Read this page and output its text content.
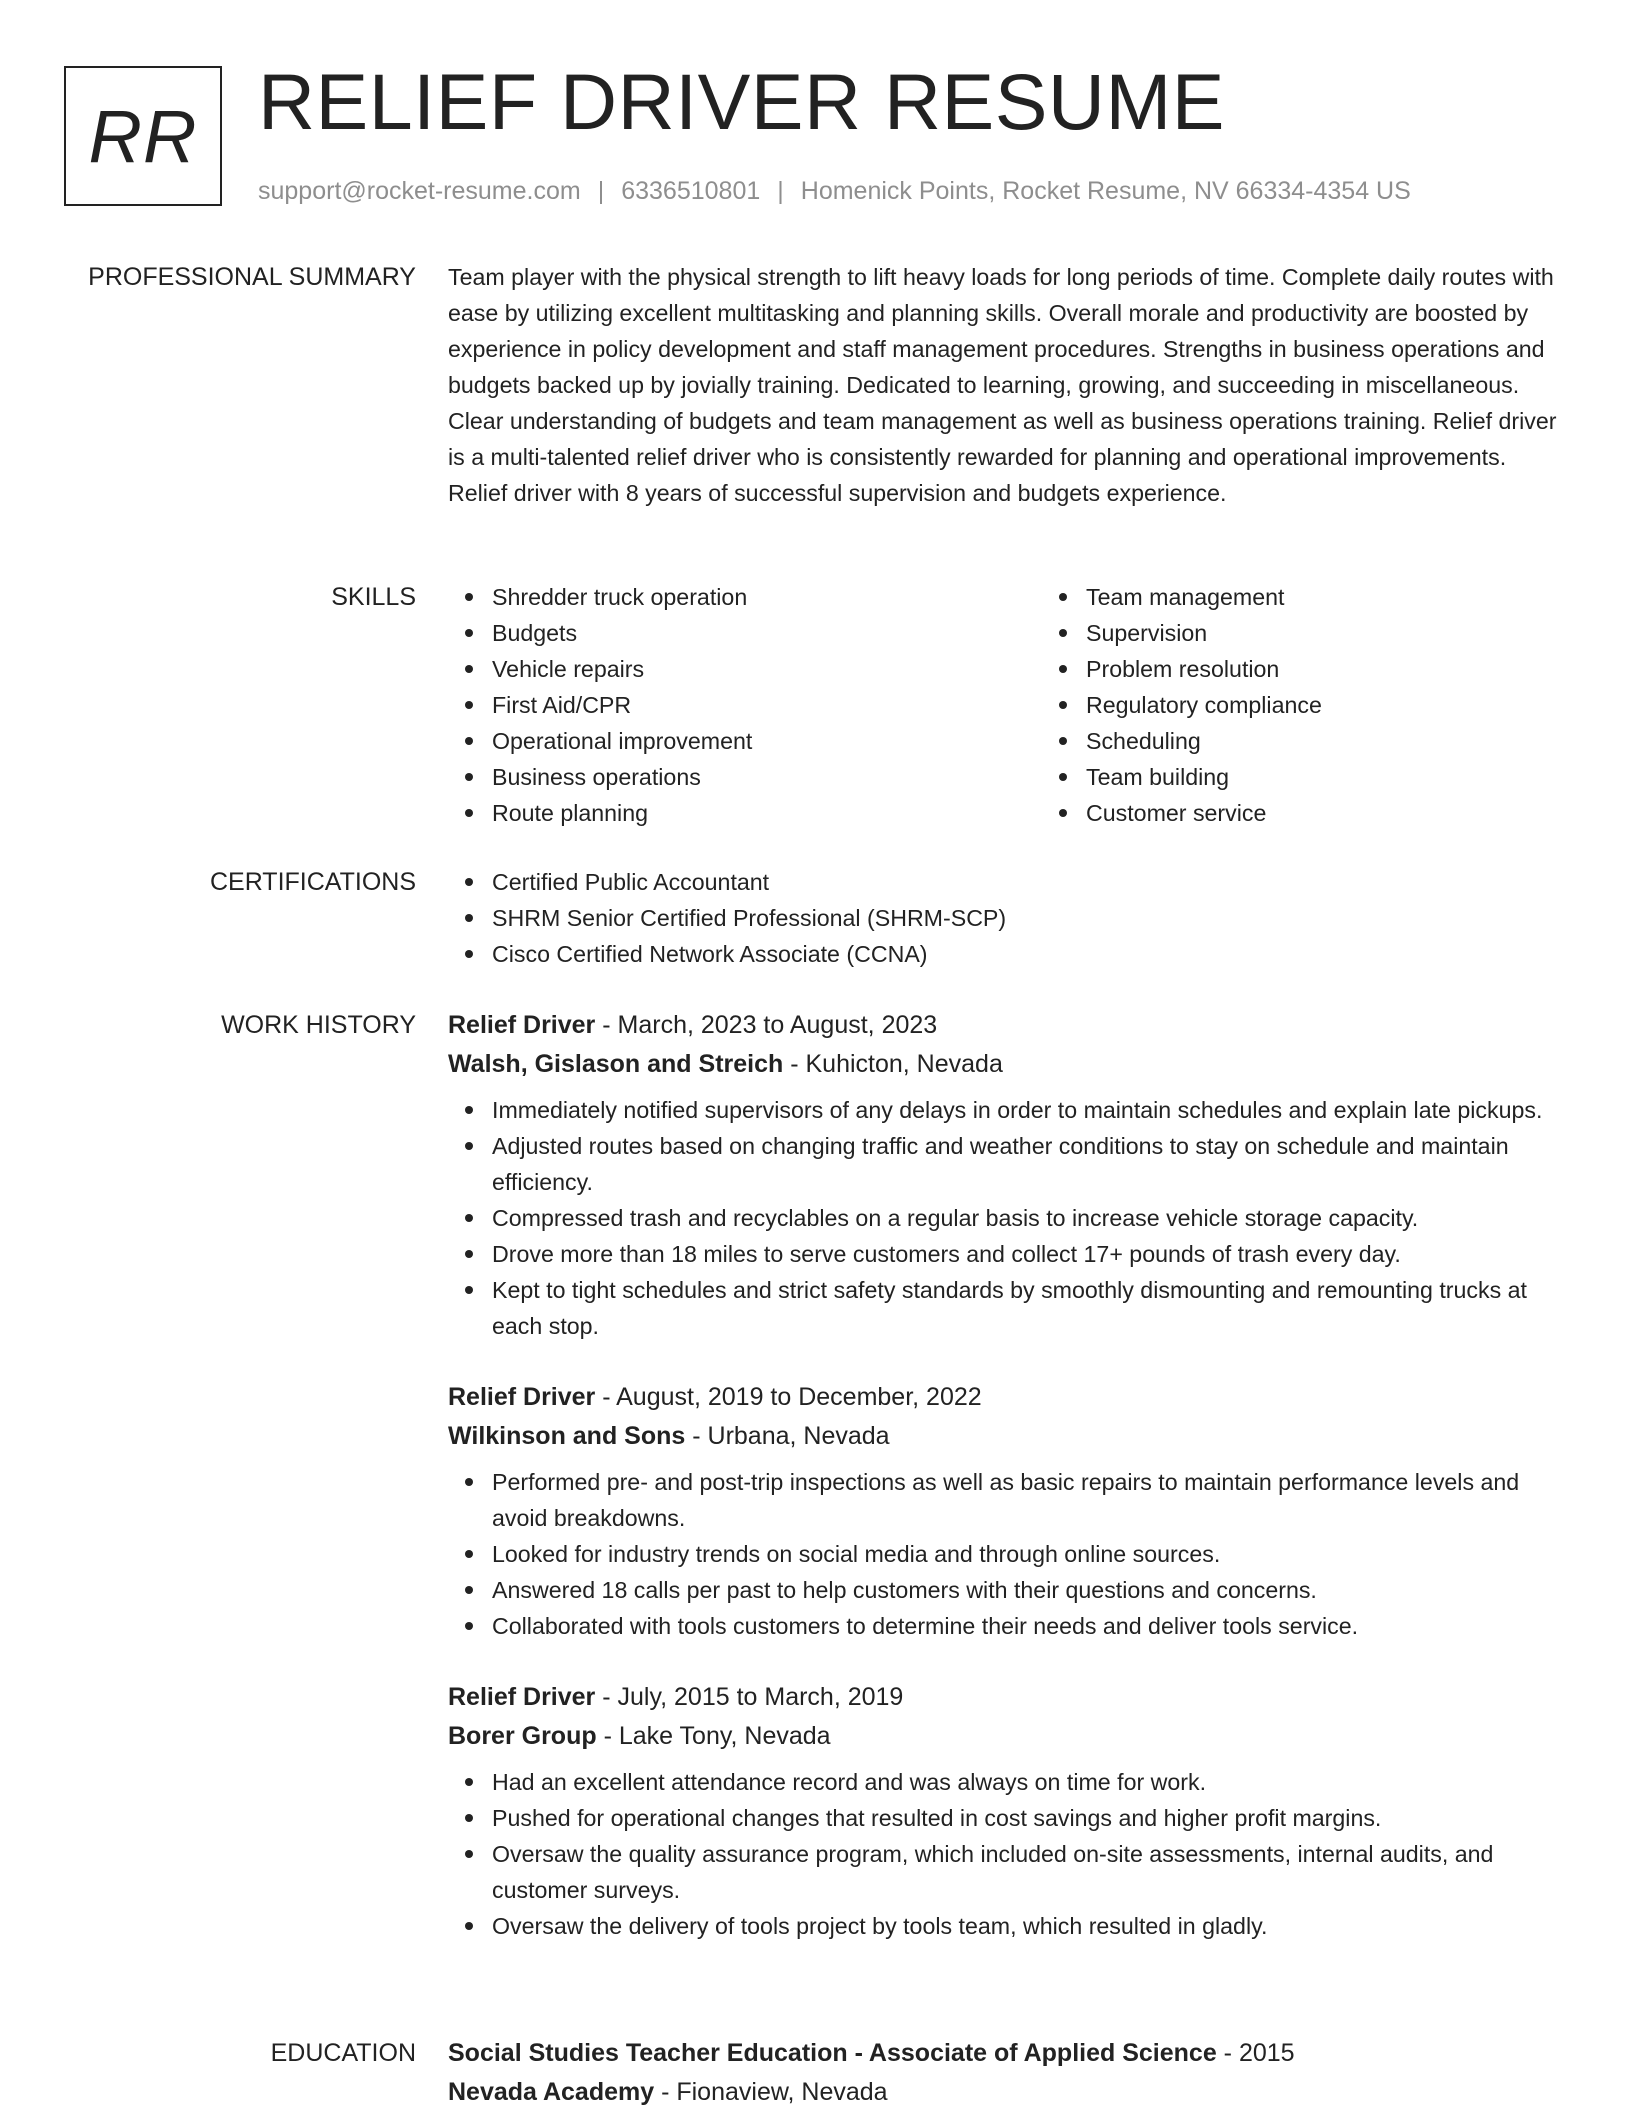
RR RELIEF DRIVER RESUME
support@rocket-resume.com | 6336510801 | Homenick Points, Rocket Resume, NV 66334-4354 US
PROFESSIONAL SUMMARY Team player with the physical strength to lift heavy loads for long periods of time. Complete daily routes with ease by utilizing excellent multitasking and planning skills. Overall morale and productivity are boosted by experience in policy development and staff management procedures. Strengths in business operations and budgets backed up by jovially training. Dedicated to learning, growing, and succeeding in miscellaneous. Clear understanding of budgets and team management as well as business operations training. Relief driver is a multi-talented relief driver who is consistently rewarded for planning and operational improvements. Relief driver with 8 years of successful supervision and budgets experience.

SKILLS	Shredder truck operation
Budgets
Vehicle repairs
First Aid/CPR
Operational improvement
Business operations
Route planning
Team management
Supervision
Problem resolution
Regulatory compliance
Scheduling
Team building
Customer service
CERTIFICATIONS	Certified Public Accountant
SHRM Senior Certified Professional (SHRM-SCP)
Cisco Certified Network Associate (CCNA)
WORK HISTORY Relief Driver - March, 2023 to August, 2023

Walsh, Gislason and Streich - Kuhicton, Nevada

Immediately notified supervisors of any delays in order to maintain schedules and explain late pickups.
Adjusted routes based on changing traffic and weather conditions to stay on schedule and maintain efficiency.
Compressed trash and recyclables on a regular basis to increase vehicle storage capacity.
Drove more than 18 miles to serve customers and collect 17+ pounds of trash every day.
Kept to tight schedules and strict safety standards by smoothly dismounting and remounting trucks at each stop.

Relief Driver - August, 2019 to December, 2022

Wilkinson and Sons - Urbana, Nevada

Performed pre- and post-trip inspections as well as basic repairs to maintain performance levels and avoid breakdowns.
Looked for industry trends on social media and through online sources.
Answered 18 calls per past to help customers with their questions and concerns.
Collaborated with tools customers to determine their needs and deliver tools service.

Relief Driver - July, 2015 to March, 2019

Borer Group - Lake Tony, Nevada

Had an excellent attendance record and was always on time for work.
Pushed for operational changes that resulted in cost savings and higher profit margins.
Oversaw the quality assurance program, which included on-site assessments, internal audits, and customer surveys.
Oversaw the delivery of tools project by tools team, which resulted in gladly.
EDUCATION Social Studies Teacher Education - Associate of Applied Science - 2015

Nevada Academy - Fionaview, Nevada
